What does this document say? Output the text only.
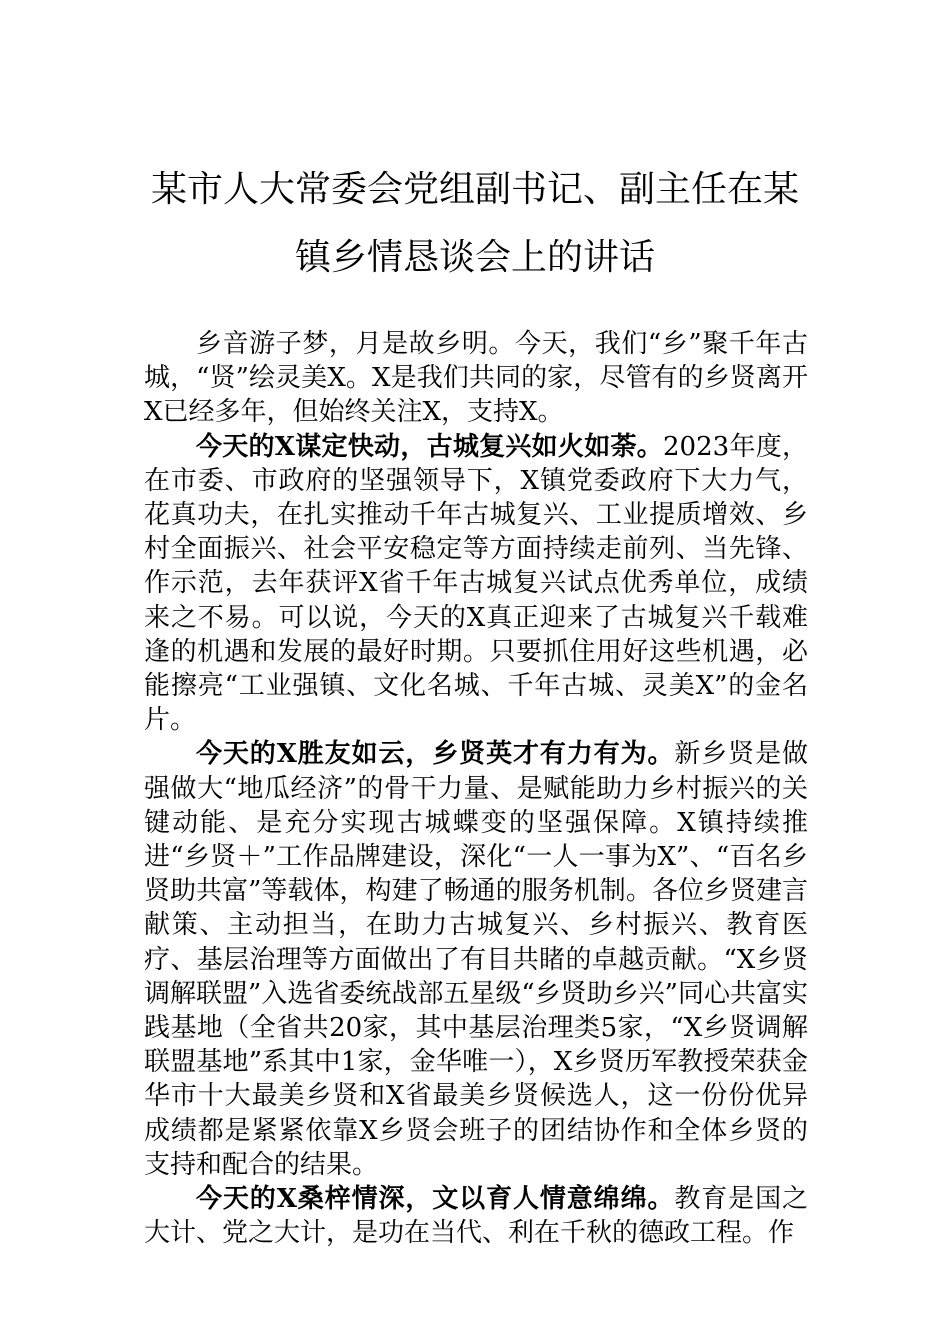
某市人大常委会党组副书记、副主任在某
镇乡情恳谈会上的讲话

乡音游子梦，月是故乡明。今天，我们“乡”聚千年古城，“贤”绘灵美X。X是我们共同的家，尽管有的乡贤离开X已经多年，但始终关注X，支持X。

今天的X谋定快动，古城复兴如火如荼。2023年度，在市委、市政府的坚强领导下，X镇党委政府下大力气，花真功夫，在扎实推动千年古城复兴、工业提质增效、乡村全面振兴、社会平安稳定等方面持续走前列、当先锋、作示范，去年获评X省千年古城复兴试点优秀单位，成绩来之不易。可以说，今天的X真正迎来了古城复兴千载难逢的机遇和发展的最好时期。只要抓住用好这些机遇，必能擦亮“工业强镇、文化名城、千年古城、灵美X”的金名片。

今天的X胜友如云，乡贤英才有力有为。新乡贤是做强做大“地瓜经济”的骨干力量、是赋能助力乡村振兴的关键动能、是充分实现古城蝶变的坚强保障。X镇持续推进“乡贤＋”工作品牌建设，深化“一人一事为X”、“百名乡贤助共富”等载体，构建了畅通的服务机制。各位乡贤建言献策、主动担当，在助力古城复兴、乡村振兴、教育医疗、基层治理等方面做出了有目共睹的卓越贡献。“X乡贤调解联盟”入选省委统战部五星级“乡贤助乡兴”同心共富实践基地（全省共20家，其中基层治理类5家，“X乡贤调解联盟基地”系其中1家，金华唯一），X乡贤历军教授荣获金华市十大最美乡贤和X省最美乡贤候选人，这一份份优异成绩都是紧紧依靠X乡贤会班子的团结协作和全体乡贤的支持和配合的结果。

今天的X桑梓情深，文以育人情意绵绵。教育是国之大计、党之大计，是功在当代、利在千秋的德政工程。作
